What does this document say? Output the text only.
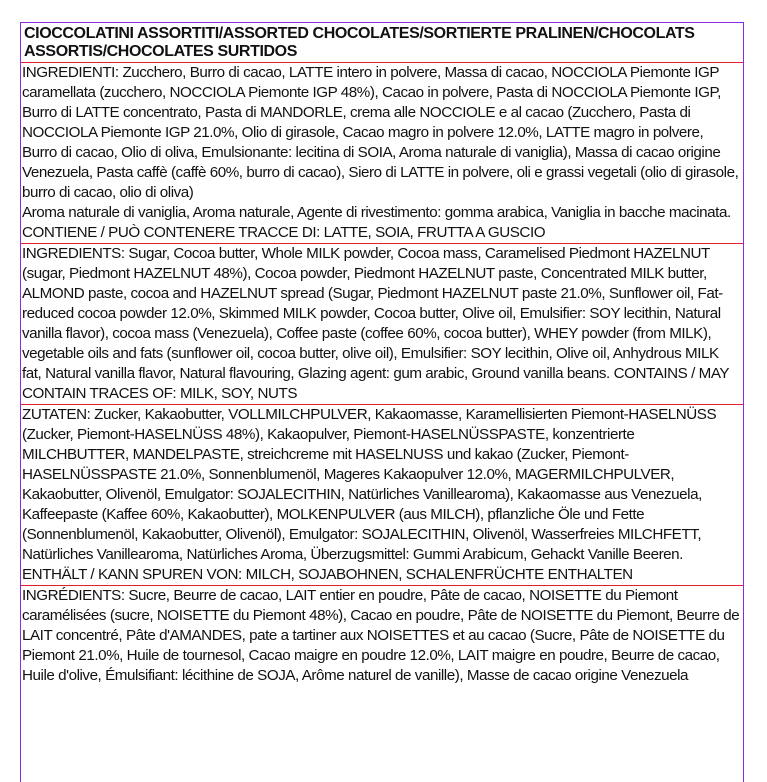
CIOCCOLATINI ASSORTITI/ASSORTED CHOCOLATES/SORTIERTE PRALINEN/CHOCOLATS ASSORTIS/CHOCOLATES SURTIDOS

INGREDIENTI: Zucchero, Burro di cacao, LATTE intero in polvere, Massa di cacao, NOCCIOLA Piemonte IGP caramellata (zucchero, NOCCIOLA Piemonte IGP 48%), Cacao in polvere, Pasta di NOCCIOLA Piemonte IGP, Burro di LATTE concentrato, Pasta di MANDORLE, crema alle NOCCIOLE e al cacao (Zucchero, Pasta di NOCCIOLA Piemonte IGP 21.0%, Olio di girasole, Cacao magro in polvere 12.0%, LATTE magro in polvere, Burro di cacao, Olio di oliva, Emulsionante: lecitina di SOIA, Aroma naturale di vaniglia), Massa di cacao origine Venezuela, Pasta caffè (caffè 60%, burro di cacao), Siero di LATTE in polvere, oli e grassi vegetali (olio di girasole, burro di cacao, olio di oliva)

Aroma naturale di vaniglia, Aroma naturale, Agente di rivestimento: gomma arabica, Vaniglia in bacche macinata. CONTIENE / PUÒ CONTENERE TRACCE DI: LATTE, SOIA, FRUTTA A GUSCIO

INGREDIENTS: Sugar, Cocoa butter, Whole MILK powder, Cocoa mass, Caramelised Piedmont HAZELNUT (sugar, Piedmont HAZELNUT 48%), Cocoa powder, Piedmont HAZELNUT paste, Concentrated MILK butter, ALMOND paste, cocoa and HAZELNUT spread (Sugar, Piedmont HAZELNUT paste 21.0%, Sunflower oil, Fat-reduced cocoa powder 12.0%, Skimmed MILK powder, Cocoa butter, Olive oil, Emulsifier: SOY lecithin, Natural vanilla flavor), cocoa mass (Venezuela), Coffee paste (coffee 60%, cocoa butter), WHEY powder (from MILK), vegetable oils and fats (sunflower oil, cocoa butter, olive oil), Emulsifier: SOY lecithin, Olive oil, Anhydrous MILK fat, Natural vanilla flavor, Natural flavouring, Glazing agent: gum arabic, Ground vanilla beans. CONTAINS / MAY CONTAIN TRACES OF: MILK, SOY, NUTS

ZUTATEN: Zucker, Kakaobutter, VOLLMILCHPULVER, Kakaomasse, Karamellisierten Piemont-HASELNÜSS (Zucker, Piemont-HASELNÜSS 48%), Kakaopulver, Piemont-HASELNÜSSPASTE, konzentrierte MILCHBUTTER, MANDELPASTE, streichcreme mit HASELNUSS und kakao (Zucker, Piemont-HASELNÜSSPASTE 21.0%, Sonnenblumenöl, Mageres Kakaopulver 12.0%, MAGERMILCHPULVER, Kakaobutter, Olivenöl, Emulgator: SOJALECITHIN, Natürliches Vanillearoma), Kakaomasse aus Venezuela, Kaffeepaste (Kaffee 60%, Kakaobutter), MOLKENPULVER (aus MILCH), pflanzliche Öle und Fette (Sonnenblumenöl, Kakaobutter, Olivenöl), Emulgator: SOJALECITHIN, Olivenöl, Wasserfreies MILCHFETT, Natürliches Vanillearoma, Natürliches Aroma, Überzugsmittel: Gummi Arabicum, Gehackt Vanille Beeren. ENTHÄLT / KANN SPUREN VON: MILCH, SOJABOHNEN, SCHALENFRÜCHTE ENTHALTEN

INGRÉDIENTS: Sucre, Beurre de cacao, LAIT entier en poudre, Pâte de cacao, NOISETTE du Piemont caramélisées (sucre, NOISETTE du Piemont 48%), Cacao en poudre, Pâte de NOISETTE du Piemont, Beurre de LAIT concentré, Pâte d'AMANDES, pate a tartiner aux NOISETTES et au cacao (Sucre, Pâte de NOISETTE du Piemont 21.0%, Huile de tournesol, Cacao maigre en poudre 12.0%, LAIT maigre en poudre, Beurre de cacao, Huile d'olive, Émulsifiant: lécithine de SOJA, Arôme naturel de vanille), Masse de cacao origine Venezuela
